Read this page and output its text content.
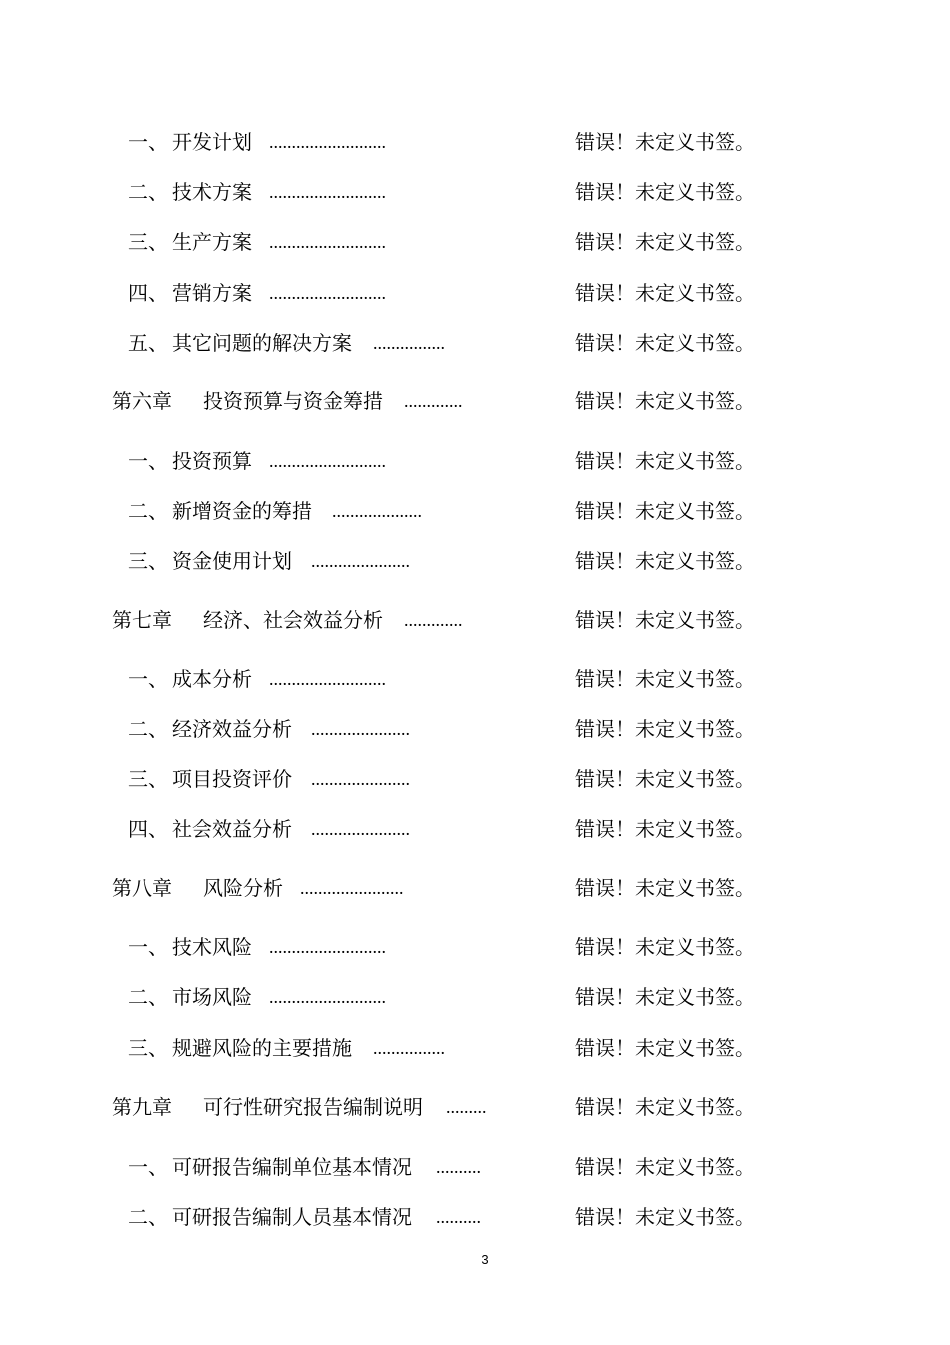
一、 开发计划 ..........................	错误！未定义书签。
二、 技术方案 ..........................	错误！未定义书签。
三、 生产方案 ..........................	错误！未定义书签。
四、 营销方案 ..........................	错误！未定义书签。
五、 其它问题的解决方案 ................	错误！未定义书签。
第六章 投资预算与资金筹措 .............	错误！未定义书签。
一、 投资预算 ..........................	错误！未定义书签。
二、 新增资金的筹措 ....................	错误！未定义书签。
三、 资金使用计划 ......................	错误！未定义书签。
第七章 经济、社会效益分析 .............	错误！未定义书签。
一、 成本分析 ..........................	错误！未定义书签。
二、 经济效益分析 ......................	错误！未定义书签。
三、 项目投资评价 ......................	错误！未定义书签。
四、 社会效益分析 ......................	错误！未定义书签。
第八章 风险分析 .......................	错误！未定义书签。
一、 技术风险 ..........................	错误！未定义书签。
二、 市场风险 ..........................	错误！未定义书签。
三、 规避风险的主要措施 ................	错误！未定义书签。
第九章 可行性研究报告编制说明 .........	错误！未定义书签。
一、 可研报告编制单位基本情况 ..........	错误！未定义书签。
二、 可研报告编制人员基本情况 ..........	错误！未定义书签。
3
